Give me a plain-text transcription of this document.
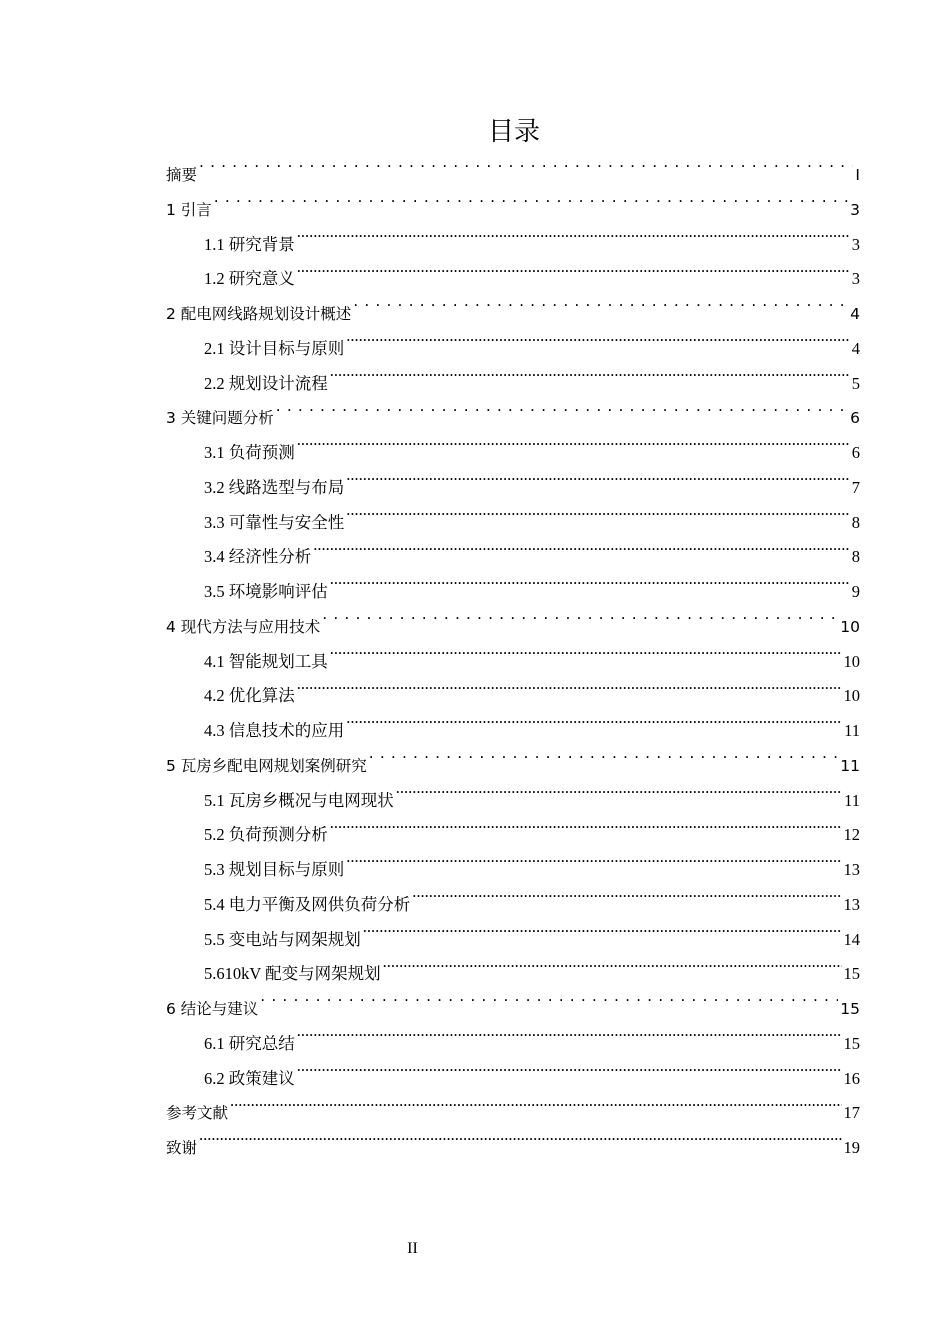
目录
摘要 . . .	I
1 引言 . . .	3
1.1 研究背景 .....	3
1.2 研究意义 .....	3
2 配电网线路规划设计概述 . . .	4
2.1 设计目标与原则 .....	4
2.2 规划设计流程 .....	5
3 关键问题分析 . . .	6
3.1 负荷预测 .....	6
3.2 线路选型与布局 .....	7
3.3 可靠性与安全性 .....	8
3.4 经济性分析 .....	8
3.5 环境影响评估 .....	9
4 现代方法与应用技术 . . .	10
4.1 智能规划工具 .....	10
4.2 优化算法 .....	10
4.3 信息技术的应用 .....	11
5 瓦房乡配电网规划案例研究 . . .	11
5.1 瓦房乡概况与电网现状 .....	11
5.2 负荷预测分析 .....	12
5.3 规划目标与原则 .....	13
5.4 电力平衡及网供负荷分析 .....	13
5.5 变电站与网架规划 .....	14
5.610kV 配变与网架规划 .....	15
6 结论与建议 . . .	15
6.1 研究总结 .....	15
6.2 政策建议 .....	16
参考文献 .....	17
致谢 .....	19
II
